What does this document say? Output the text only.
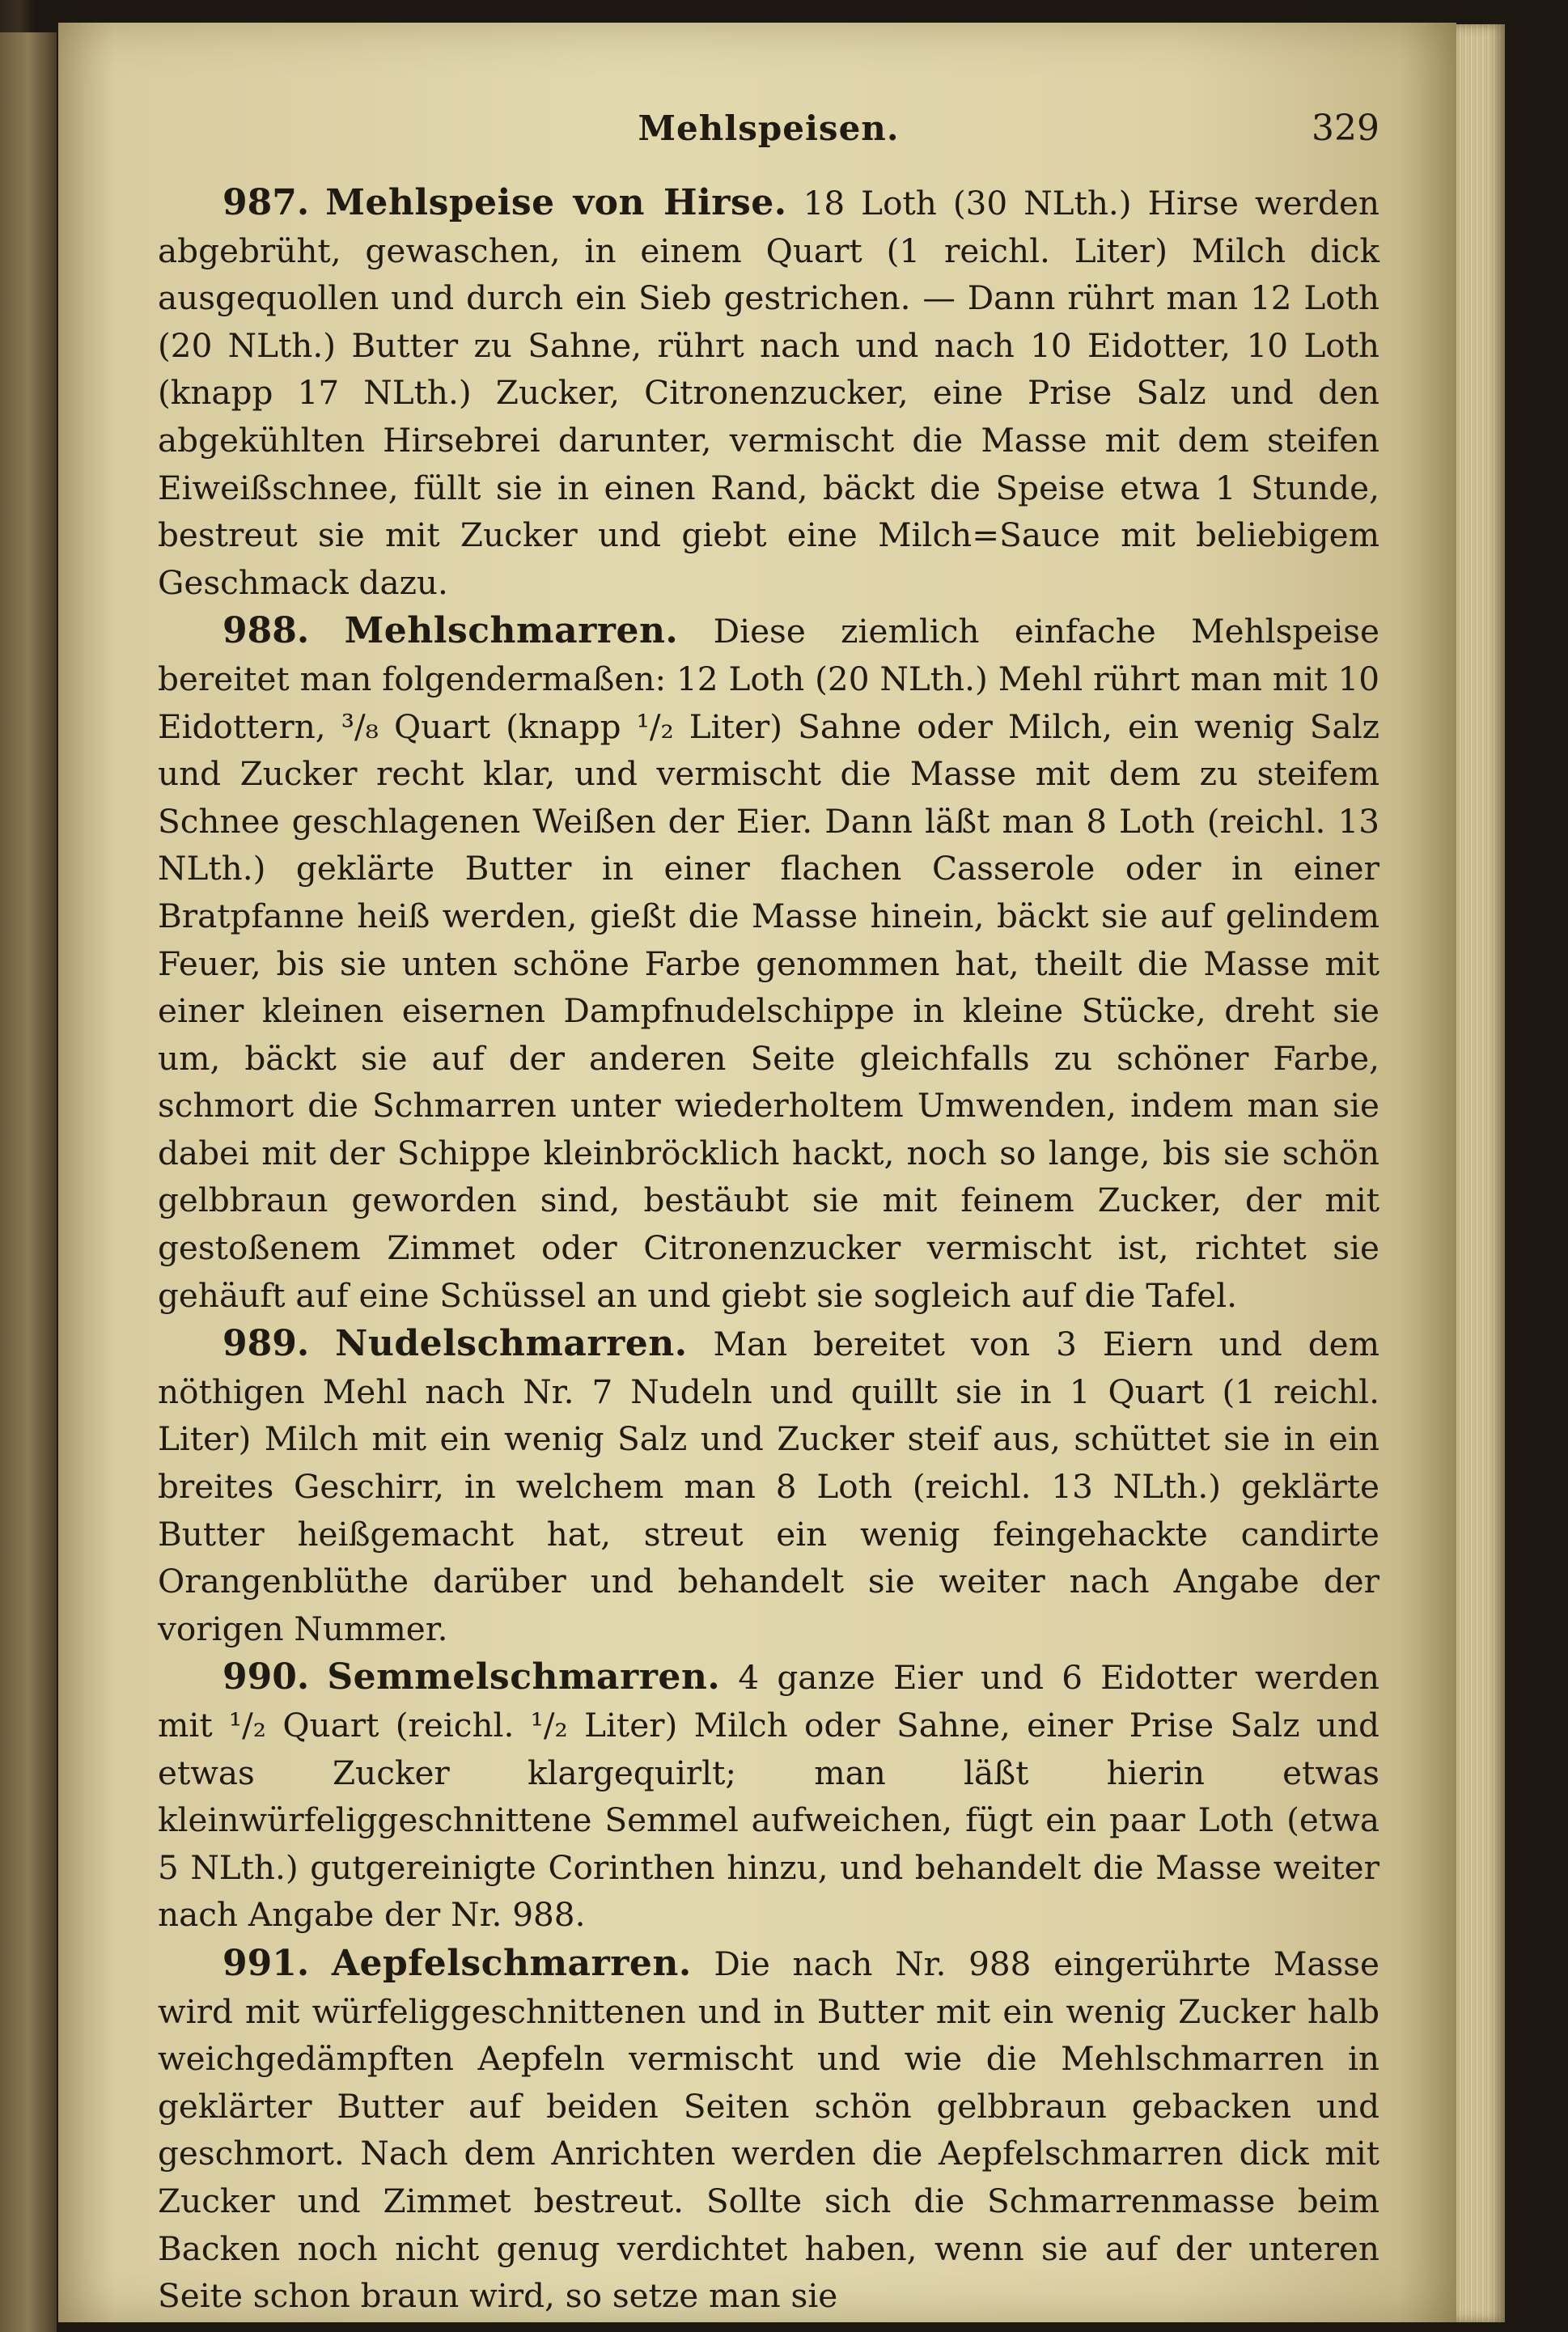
Mehlspeisen.	329

987. Mehlspeise von Hirse. 18 Loth (30 NLth.) Hirse werden abgebrüht, gewaschen, in einem Quart (1 reichl. Liter) Milch dick ausgequollen und durch ein Sieb gestrichen. — Dann rührt man 12 Loth (20 NLth.) Butter zu Sahne, rührt nach und nach 10 Eidotter, 10 Loth (knapp 17 NLth.) Zucker, Citronenzucker, eine Prise Salz und den abgekühlten Hirsebrei darunter, vermischt die Masse mit dem steifen Eiweißschnee, füllt sie in einen Rand, bäckt die Speise etwa 1 Stunde, bestreut sie mit Zucker und giebt eine Milch=Sauce mit beliebigem Geschmack dazu.

988. Mehlschmarren. Diese ziemlich einfache Mehlspeise bereitet man folgendermaßen: 12 Loth (20 NLth.) Mehl rührt man mit 10 Eidottern, ³/₈ Quart (knapp ¹/₂ Liter) Sahne oder Milch, ein wenig Salz und Zucker recht klar, und vermischt die Masse mit dem zu steifem Schnee geschlagenen Weißen der Eier. Dann läßt man 8 Loth (reichl. 13 NLth.) geklärte Butter in einer flachen Casserole oder in einer Bratpfanne heiß werden, gießt die Masse hinein, bäckt sie auf gelindem Feuer, bis sie unten schöne Farbe genommen hat, theilt die Masse mit einer kleinen eisernen Dampfnudelschippe in kleine Stücke, dreht sie um, bäckt sie auf der anderen Seite gleichfalls zu schöner Farbe, schmort die Schmarren unter wiederholtem Umwenden, indem man sie dabei mit der Schippe kleinbröcklich hackt, noch so lange, bis sie schön gelbbraun geworden sind, bestäubt sie mit feinem Zucker, der mit gestoßenem Zimmet oder Citronenzucker vermischt ist, richtet sie gehäuft auf eine Schüssel an und giebt sie sogleich auf die Tafel.

989. Nudelschmarren. Man bereitet von 3 Eiern und dem nöthigen Mehl nach Nr. 7 Nudeln und quillt sie in 1 Quart (1 reichl. Liter) Milch mit ein wenig Salz und Zucker steif aus, schüttet sie in ein breites Geschirr, in welchem man 8 Loth (reichl. 13 NLth.) geklärte Butter heißgemacht hat, streut ein wenig feingehackte candirte Orangenblüthe darüber und behandelt sie weiter nach Angabe der vorigen Nummer.

990. Semmelschmarren. 4 ganze Eier und 6 Eidotter werden mit ¹/₂ Quart (reichl. ¹/₂ Liter) Milch oder Sahne, einer Prise Salz und etwas Zucker klargequirlt; man läßt hierin etwas kleinwürfeliggeschnittene Semmel aufweichen, fügt ein paar Loth (etwa 5 NLth.) gutgereinigte Corinthen hinzu, und behandelt die Masse weiter nach Angabe der Nr. 988.

991. Aepfelschmarren. Die nach Nr. 988 eingerührte Masse wird mit würfeliggeschnittenen und in Butter mit ein wenig Zucker halb weichgedämpften Aepfeln vermischt und wie die Mehlschmarren in geklärter Butter auf beiden Seiten schön gelbbraun gebacken und geschmort. Nach dem Anrichten werden die Aepfelschmarren dick mit Zucker und Zimmet bestreut. Sollte sich die Schmarrenmasse beim Backen noch nicht genug verdichtet haben, wenn sie auf der unteren Seite schon braun wird, so setze man sie
